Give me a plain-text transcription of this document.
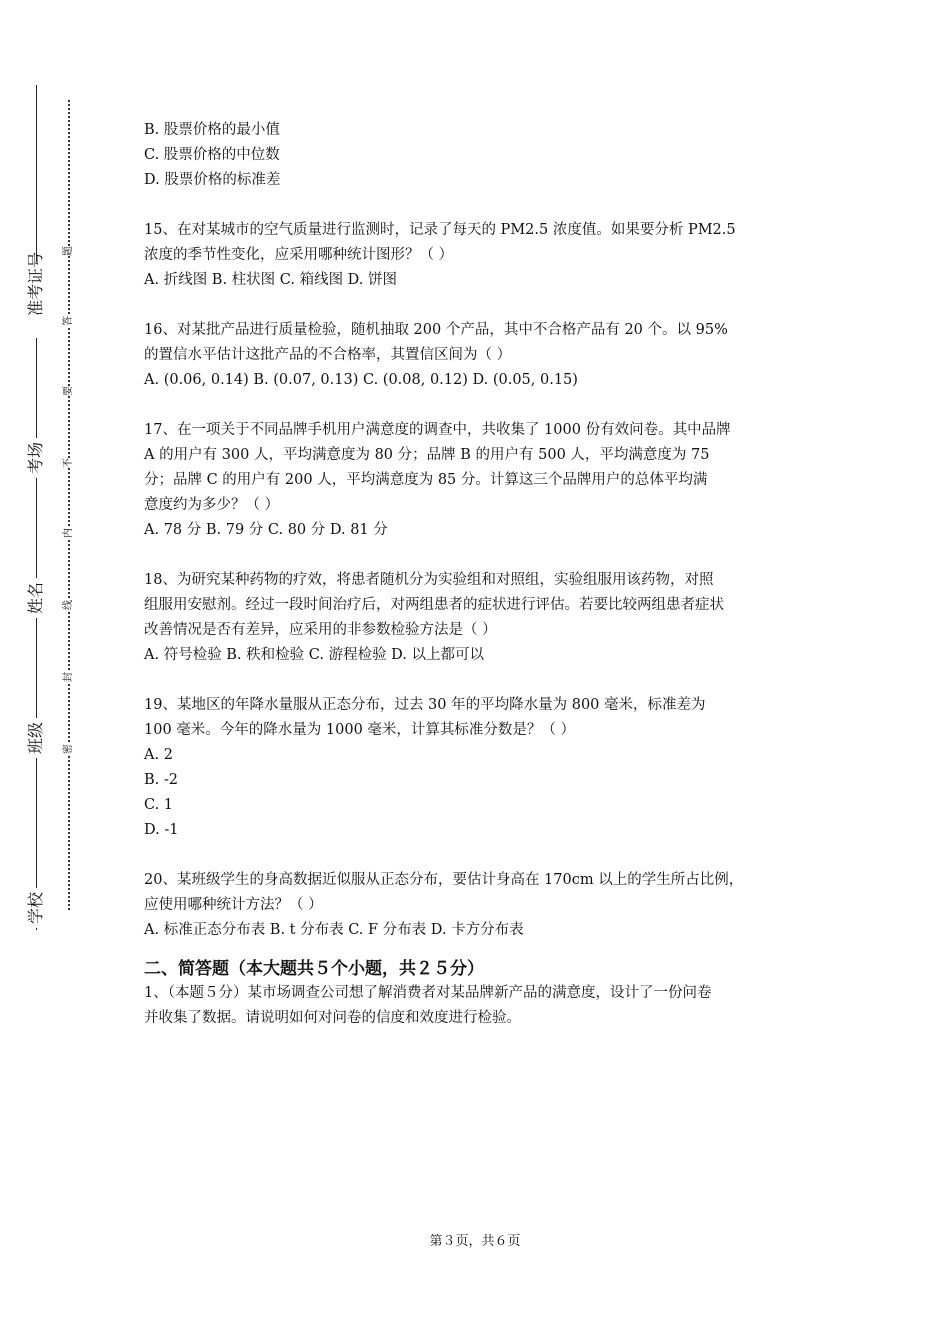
准考证号
考场
姓名
班级
学校
题
答
要
不
内
线
封
密
B. 股票价格的最小值
C. 股票价格的中位数
D. 股票价格的标准差
15、在对某城市的空气质量进行监测时，记录了每天的 PM2.5 浓度值。如果要分析 PM2.5
浓度的季节性变化，应采用哪种统计图形？（ ）
A. 折线图 B. 柱状图 C. 箱线图 D. 饼图
16、对某批产品进行质量检验，随机抽取 200 个产品，其中不合格产品有 20 个。以 95%
的置信水平估计这批产品的不合格率，其置信区间为（ ）
A. (0.06, 0.14) B. (0.07, 0.13) C. (0.08, 0.12) D. (0.05, 0.15)
17、在一项关于不同品牌手机用户满意度的调查中，共收集了 1000 份有效问卷。其中品牌
A 的用户有 300 人，平均满意度为 80 分；品牌 B 的用户有 500 人，平均满意度为 75
分；品牌 C 的用户有 200 人，平均满意度为 85 分。计算这三个品牌用户的总体平均满
意度约为多少？（ ）
A. 78 分 B. 79 分 C. 80 分 D. 81 分
18、为研究某种药物的疗效，将患者随机分为实验组和对照组，实验组服用该药物，对照
组服用安慰剂。经过一段时间治疗后，对两组患者的症状进行评估。若要比较两组患者症状
改善情况是否有差异，应采用的非参数检验方法是（ ）
A. 符号检验 B. 秩和检验 C. 游程检验 D. 以上都可以
19、某地区的年降水量服从正态分布，过去 30 年的平均降水量为 800 毫米，标准差为
100 毫米。今年的降水量为 1000 毫米，计算其标准分数是？（ ）
A. 2
B. -2
C. 1
D. -1
20、某班级学生的身高数据近似服从正态分布，要估计身高在 170cm 以上的学生所占比例，
应使用哪种统计方法？（ ）
A. 标准正态分布表 B. t 分布表 C. F 分布表 D. 卡方分布表
二、简答题（本大题共５个小题，共２５分）
1、（本题５分）某市场调查公司想了解消费者对某品牌新产品的满意度，设计了一份问卷
并收集了数据。请说明如何对问卷的信度和效度进行检验。
第３页，共６页
